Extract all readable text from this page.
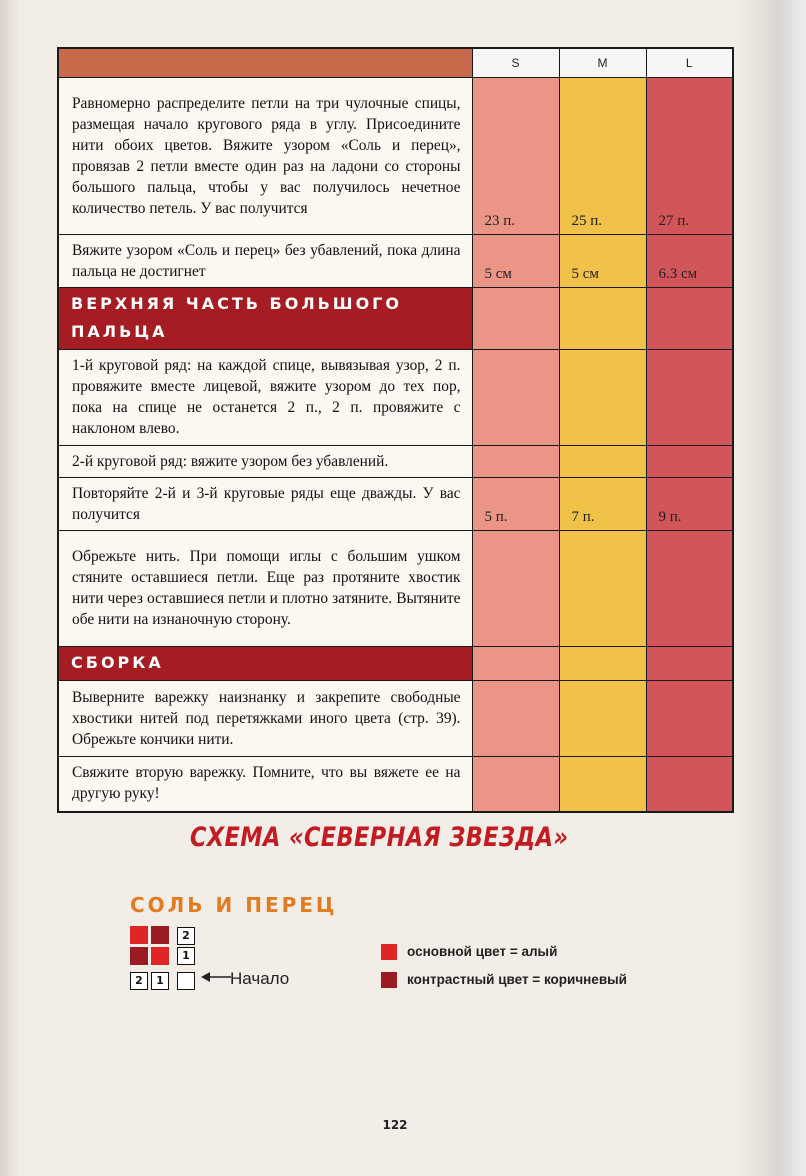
	S	M	L
Равномерно распределите петли на три чулочные спицы, размещая начало кругового ряда в углу. Присоедините нити обоих цветов. Вяжите узором «Соль и перец», провязав 2 петли вместе один раз на ладони со стороны большого пальца, чтобы у вас получилось нечетное количество петель. У вас получится	23 п.	25 п.	27 п.
Вяжите узором «Соль и перец» без убавлений, пока длина пальца не достигнет	5 см	5 см	6.3 см
ВЕРХНЯЯ ЧАСТЬ БОЛЬШОГО ПАЛЬЦА			
1-й круговой ряд: на каждой спице, вывязывая узор, 2 п. провяжите вместе лицевой, вяжите узором до тех пор, пока на спице не останется 2 п., 2 п. провяжите с наклоном влево.			
2-й круговой ряд: вяжите узором без убавлений.			
Повторяйте 2-й и 3-й круговые ряды еще дважды. У вас получится	5 п.	7 п.	9 п.
Обрежьте нить. При помощи иглы с большим ушком стяните оставшиеся петли. Еще раз протяните хвостик нити через оставшиеся петли и плотно затяните. Вытяните обе нити на изнаночную сторону.			
СБОРКА			
Выверните варежку наизнанку и закрепите свободные хвостики нитей под перетяжками иного цвета (стр. 39). Обрежьте кончики нити.			
Свяжите вторую варежку. Помните, что вы вяжете ее на другую руку!			
СХЕМА «СЕВЕРНАЯ ЗВЕЗДА»
СОЛЬ И ПЕРЕЦ
2
1
2	1	Начало
основной цвет = алый
контрастный цвет = коричневый
122
